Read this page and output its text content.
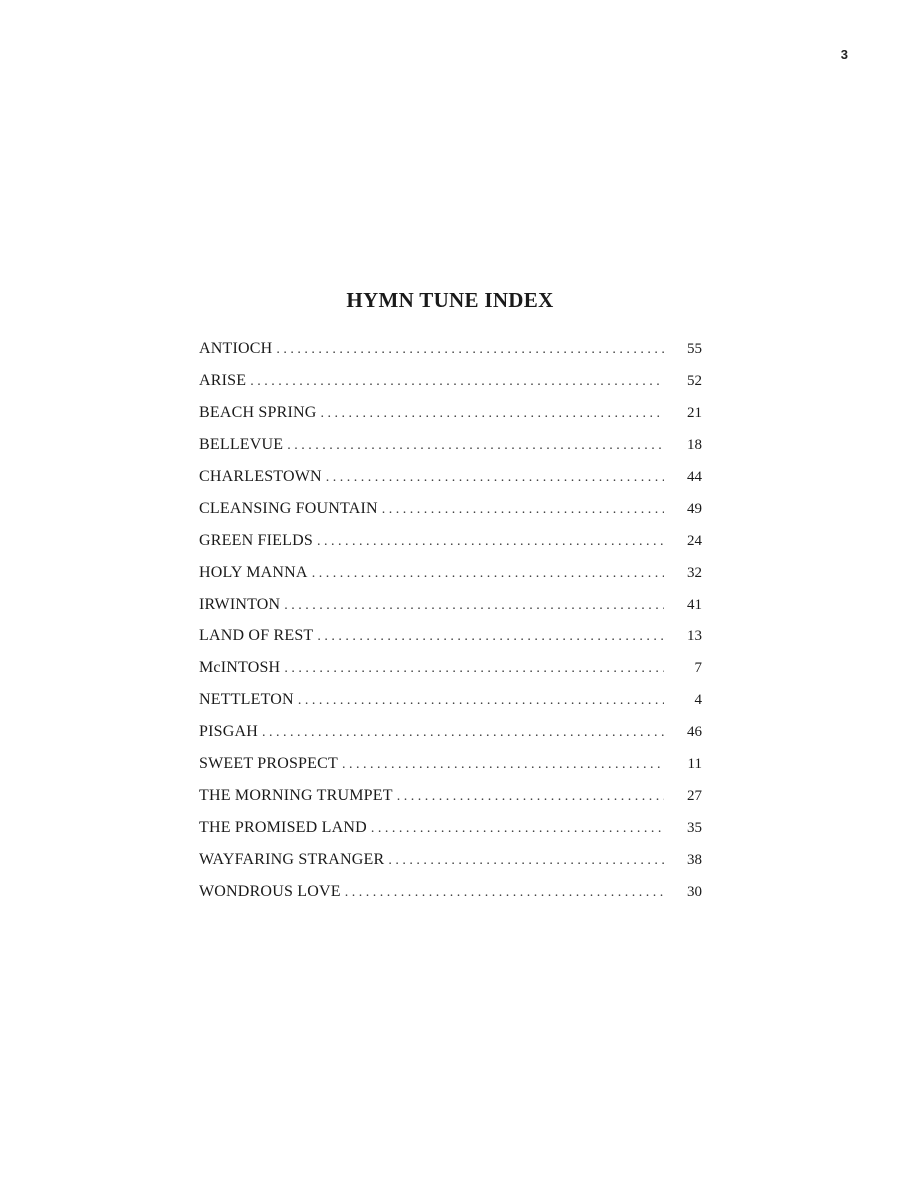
3
HYMN TUNE INDEX
ANTIOCH . . .	55
ARISE . . .	52
BEACH SPRING . . .	21
BELLEVUE . . .	18
CHARLESTOWN . . .	44
CLEANSING FOUNTAIN . . .	49
GREEN FIELDS . . .	24
HOLY MANNA . . .	32
IRWINTON . . .	41
LAND OF REST . . .	13
McINTOSH . . .	7
NETTLETON . . .	4
PISGAH . . .	46
SWEET PROSPECT . . .	11
THE MORNING TRUMPET . . .	27
THE PROMISED LAND . . .	35
WAYFARING STRANGER . . .	38
WONDROUS LOVE . . .	30
